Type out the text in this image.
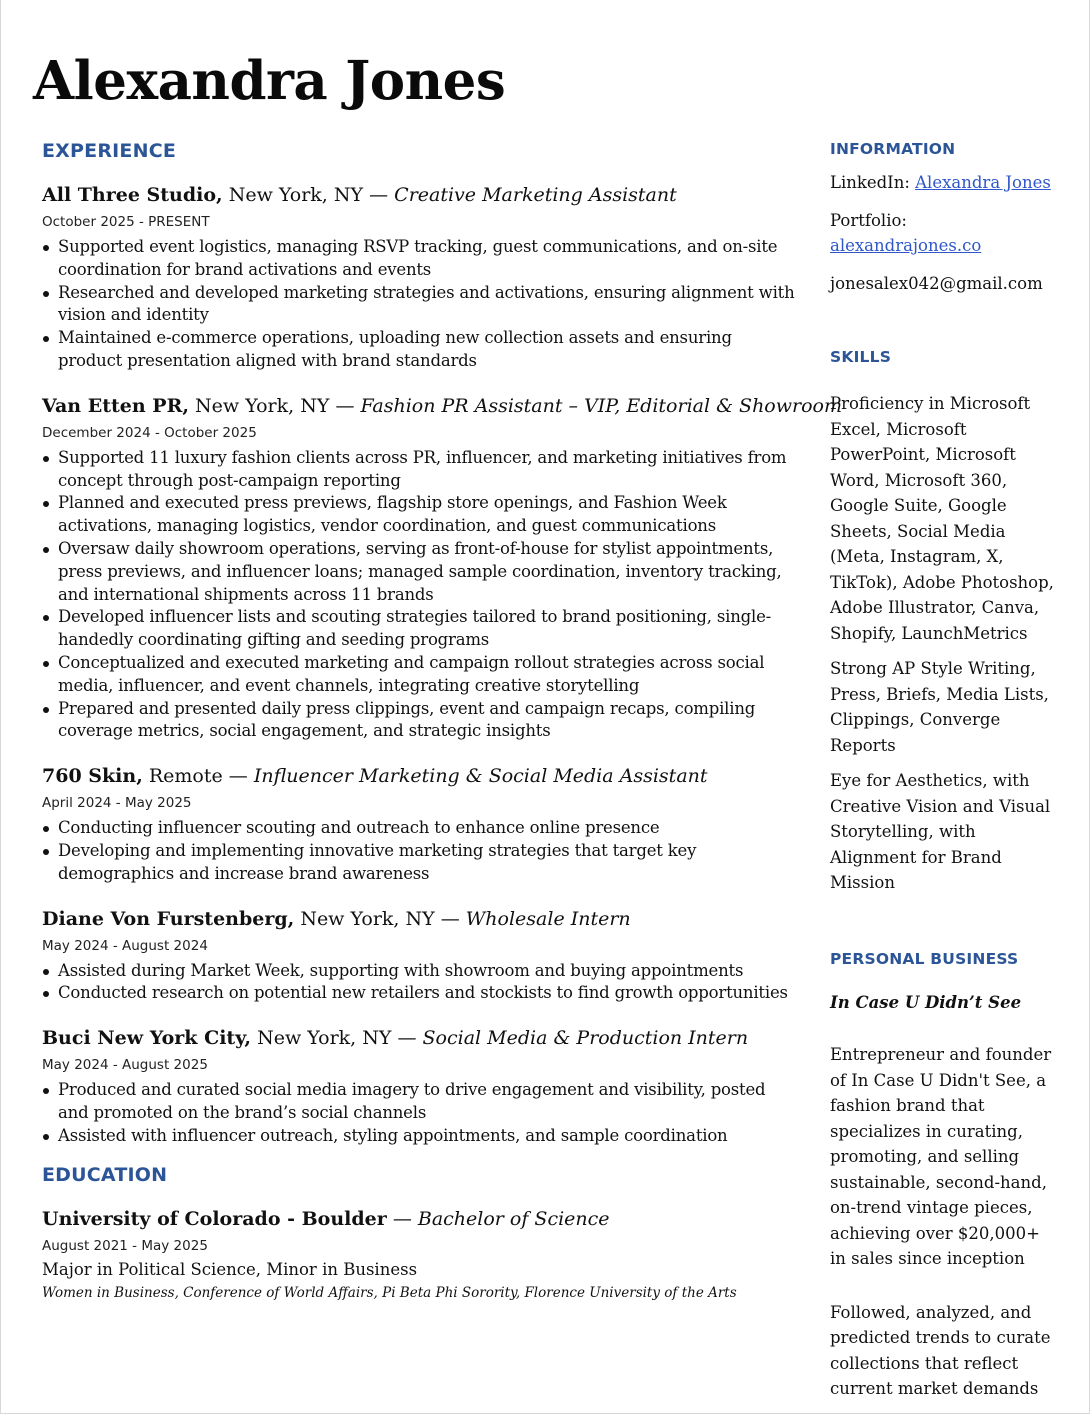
Alexandra Jones
EXPERIENCE

All Three Studio, New York, NY — Creative Marketing Assistant

October 2025 - PRESENT

Supported event logistics, managing RSVP tracking, guest communications, and on-site coordination for brand activations and events
Researched and developed marketing strategies and activations, ensuring alignment with vision and identity
Maintained e-commerce operations, uploading new collection assets and ensuring product presentation aligned with brand standards

Van Etten PR, New York, NY — Fashion PR Assistant – VIP, Editorial & Showroom

December 2024 - October 2025

Supported 11 luxury fashion clients across PR, influencer, and marketing initiatives from concept through post-campaign reporting
Planned and executed press previews, flagship store openings, and Fashion Week activations, managing logistics, vendor coordination, and guest communications
Oversaw daily showroom operations, serving as front-of-house for stylist appointments, press previews, and influencer loans; managed sample coordination, inventory tracking, and international shipments across 11 brands
Developed influencer lists and scouting strategies tailored to brand positioning, single-handedly coordinating gifting and seeding programs
Conceptualized and executed marketing and campaign rollout strategies across social media, influencer, and event channels, integrating creative storytelling
Prepared and presented daily press clippings, event and campaign recaps, compiling coverage metrics, social engagement, and strategic insights

760 Skin, Remote — Influencer Marketing & Social Media Assistant

April 2024 - May 2025

Conducting influencer scouting and outreach to enhance online presence
Developing and implementing innovative marketing strategies that target key demographics and increase brand awareness

Diane Von Furstenberg, New York, NY — Wholesale Intern

May 2024 - August 2024

Assisted during Market Week, supporting with showroom and buying appointments
Conducted research on potential new retailers and stockists to find growth opportunities

Buci New York City, New York, NY — Social Media & Production Intern

May 2024 - August 2025

Produced and curated social media imagery to drive engagement and visibility, posted and promoted on the brand’s social channels
Assisted with influencer outreach, styling appointments, and sample coordination
EDUCATION

University of Colorado - Boulder — Bachelor of Science

August 2021 - May 2025

Major in Political Science, Minor in Business

Women in Business, Conference of World Affairs, Pi Beta Phi Sorority, Florence University of the Arts

INFORMATION

LinkedIn: Alexandra Jones

Portfolio: alexandrajones.co

jonesalex042@gmail.com

SKILLS

Proficiency in Microsoft Excel, Microsoft PowerPoint, Microsoft Word, Microsoft 360, Google Suite, Google Sheets, Social Media (Meta, Instagram, X, TikTok), Adobe Photoshop, Adobe Illustrator, Canva, Shopify, LaunchMetrics

Strong AP Style Writing, Press, Briefs, Media Lists, Clippings, Converge Reports

Eye for Aesthetics, with Creative Vision and Visual Storytelling, with Alignment for Brand Mission

PERSONAL BUSINESS

In Case U Didn’t See

Entrepreneur and founder of In Case U Didn't See, a fashion brand that specializes in curating, promoting, and selling sustainable, second-hand, on-trend vintage pieces, achieving over $20,000+ in sales since inception

Followed, analyzed, and predicted trends to curate collections that reflect current market demands
